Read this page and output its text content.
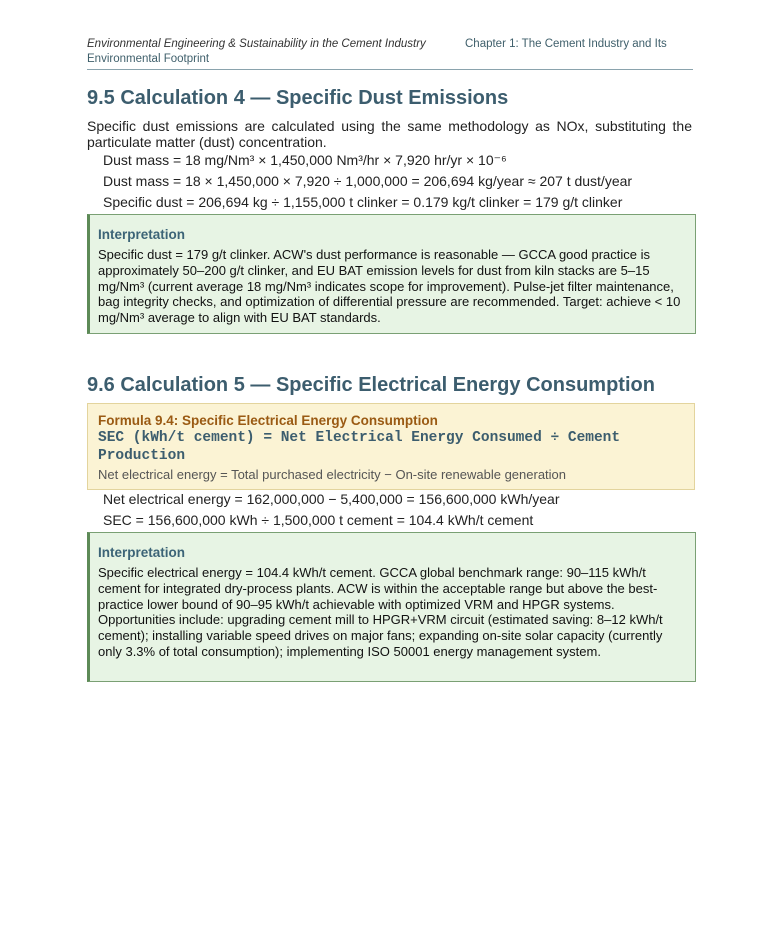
Environmental Engineering & Sustainability in the Cement Industry	Chapter 1: The Cement Industry and Its
Environmental Footprint
9.5 Calculation 4 — Specific Dust Emissions

Specific dust emissions are calculated using the same methodology as NOx, substituting the particulate matter (dust) concentration.

Dust mass = 18 mg/Nm³ × 1,450,000 Nm³/hr × 7,920 hr/yr × 10⁻⁶

Dust mass = 18 × 1,450,000 × 7,920 ÷ 1,000,000 = 206,694 kg/year ≈ 207 t dust/year

Specific dust = 206,694 kg ÷ 1,155,000 t clinker = 0.179 kg/t clinker = 179 g/t clinker

Interpretation

Specific dust = 179 g/t clinker. ACW's dust performance is reasonable — GCCA good practice is approximately 50–200 g/t clinker, and EU BAT emission levels for dust from kiln stacks are 5–15 mg/Nm³ (current average 18 mg/Nm³ indicates scope for improvement). Pulse-jet filter maintenance, bag integrity checks, and optimization of differential pressure are recommended. Target: achieve < 10 mg/Nm³ average to align with EU BAT standards.

9.6 Calculation 5 — Specific Electrical Energy Consumption
Formula 9.4: Specific Electrical Energy Consumption
SEC (kWh/t cement) = Net Electrical Energy Consumed ÷ Cement Production
Net electrical energy = Total purchased electricity − On-site renewable generation

Net electrical energy = 162,000,000 − 5,400,000 = 156,600,000 kWh/year

SEC = 156,600,000 kWh ÷ 1,500,000 t cement = 104.4 kWh/t cement

Interpretation

Specific electrical energy = 104.4 kWh/t cement. GCCA global benchmark range: 90–115 kWh/t cement for integrated dry-process plants. ACW is within the acceptable range but above the best-practice lower bound of 90–95 kWh/t achievable with optimized VRM and HPGR systems. Opportunities include: upgrading cement mill to HPGR+VRM circuit (estimated saving: 8–12 kWh/t cement); installing variable speed drives on major fans; expanding on-site solar capacity (currently only 3.3% of total consumption); implementing ISO 50001 energy management system.
